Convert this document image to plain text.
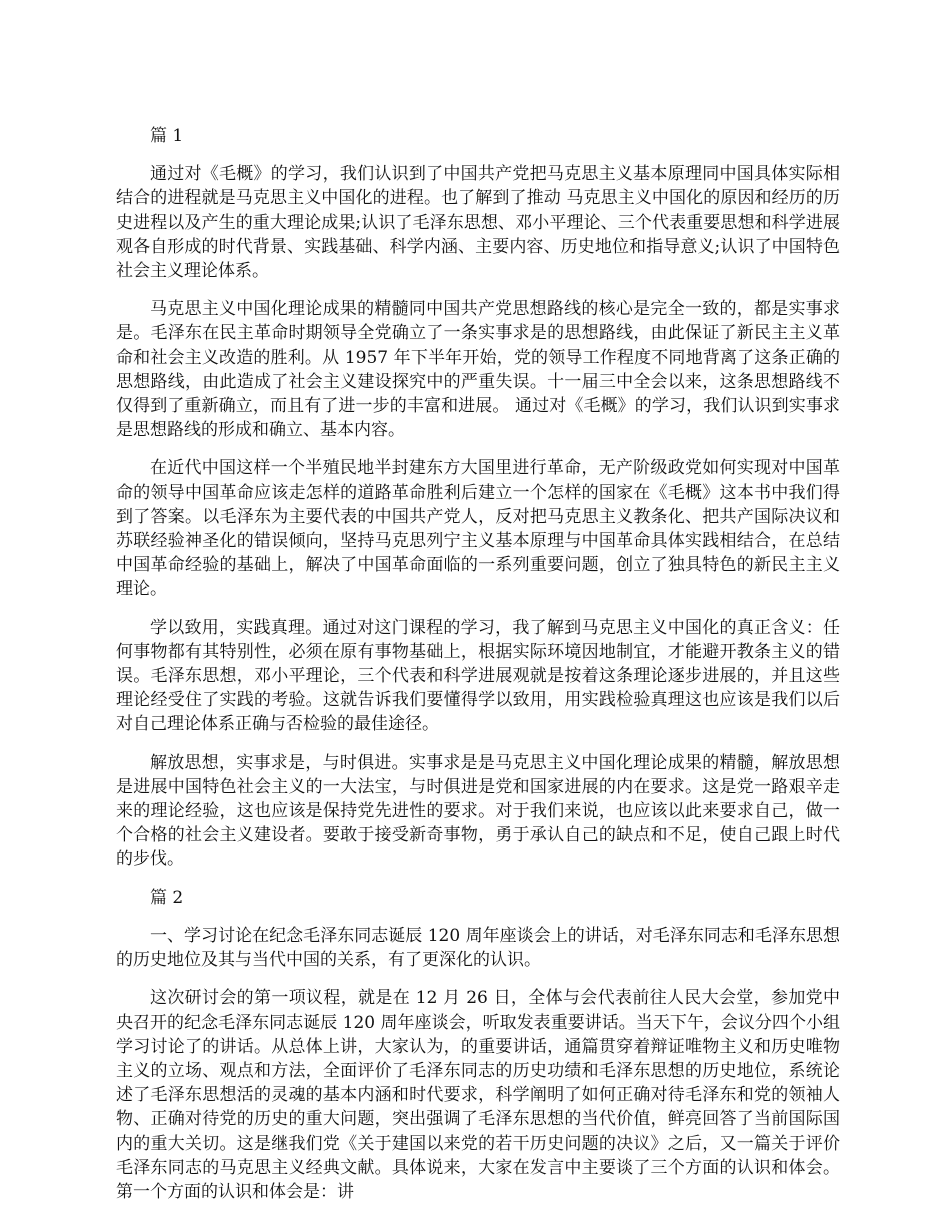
篇 1

通过对《毛概》的学习，我们认识到了中国共产党把马克思主义基本原理同中国具体实际相结合的进程就是马克思主义中国化的进程。也了解到了推动 马克思主义中国化的原因和经历的历史进程以及产生的重大理论成果;认识了毛泽东思想、邓小平理论、三个代表重要思想和科学进展观各自形成的时代背景、实践基础、科学内涵、主要内容、历史地位和指导意义;认识了中国特色社会主义理论体系。

马克思主义中国化理论成果的精髓同中国共产党思想路线的核心是完全一致的，都是实事求是。毛泽东在民主革命时期领导全党确立了一条实事求是的思想路线，由此保证了新民主主义革命和社会主义改造的胜利。从 1957 年下半年开始，党的领导工作程度不同地背离了这条正确的思想路线，由此造成了社会主义建设探究中的严重失误。十一届三中全会以来，这条思想路线不仅得到了重新确立，而且有了进一步的丰富和进展。 通过对《毛概》的学习，我们认识到实事求是思想路线的形成和确立、基本内容。

在近代中国这样一个半殖民地半封建东方大国里进行革命，无产阶级政党如何实现对中国革命的领导中国革命应该走怎样的道路革命胜利后建立一个怎样的国家在《毛概》这本书中我们得到了答案。以毛泽东为主要代表的中国共产党人，反对把马克思主义教条化、把共产国际决议和苏联经验神圣化的错误倾向，坚持马克思列宁主义基本原理与中国革命具体实践相结合，在总结中国革命经验的基础上，解决了中国革命面临的一系列重要问题，创立了独具特色的新民主主义理论。

学以致用，实践真理。通过对这门课程的学习，我了解到马克思主义中国化的真正含义：任何事物都有其特别性，必须在原有事物基础上，根据实际环境因地制宜，才能避开教条主义的错误。毛泽东思想，邓小平理论，三个代表和科学进展观就是按着这条理论逐步进展的，并且这些理论经受住了实践的考验。这就告诉我们要懂得学以致用，用实践检验真理这也应该是我们以后对自己理论体系正确与否检验的最佳途径。

解放思想，实事求是，与时俱进。实事求是是马克思主义中国化理论成果的精髓，解放思想是进展中国特色社会主义的一大法宝，与时俱进是党和国家进展的内在要求。这是党一路艰辛走来的理论经验，这也应该是保持党先进性的要求。对于我们来说，也应该以此来要求自己，做一个合格的社会主义建设者。要敢于接受新奇事物，勇于承认自己的缺点和不足，使自己跟上时代的步伐。

篇 2

一、学习讨论在纪念毛泽东同志诞辰 120 周年座谈会上的讲话，对毛泽东同志和毛泽东思想的历史地位及其与当代中国的关系，有了更深化的认识。

这次研讨会的第一项议程，就是在 12 月 26 日，全体与会代表前往人民大会堂，参加党中央召开的纪念毛泽东同志诞辰 120 周年座谈会，听取发表重要讲话。当天下午，会议分四个小组学习讨论了的讲话。从总体上讲，大家认为，的重要讲话，通篇贯穿着辩证唯物主义和历史唯物主义的立场、观点和方法，全面评价了毛泽东同志的历史功绩和毛泽东思想的历史地位，系统论述了毛泽东思想活的灵魂的基本内涵和时代要求，科学阐明了如何正确对待毛泽东和党的领袖人物、正确对待党的历史的重大问题，突出强调了毛泽东思想的当代价值，鲜亮回答了当前国际国内的重大关切。这是继我们党《关于建国以来党的若干历史问题的决议》之后，又一篇关于评价毛泽东同志的马克思主义经典文献。具体说来，大家在发言中主要谈了三个方面的认识和体会。第一个方面的认识和体会是：讲
